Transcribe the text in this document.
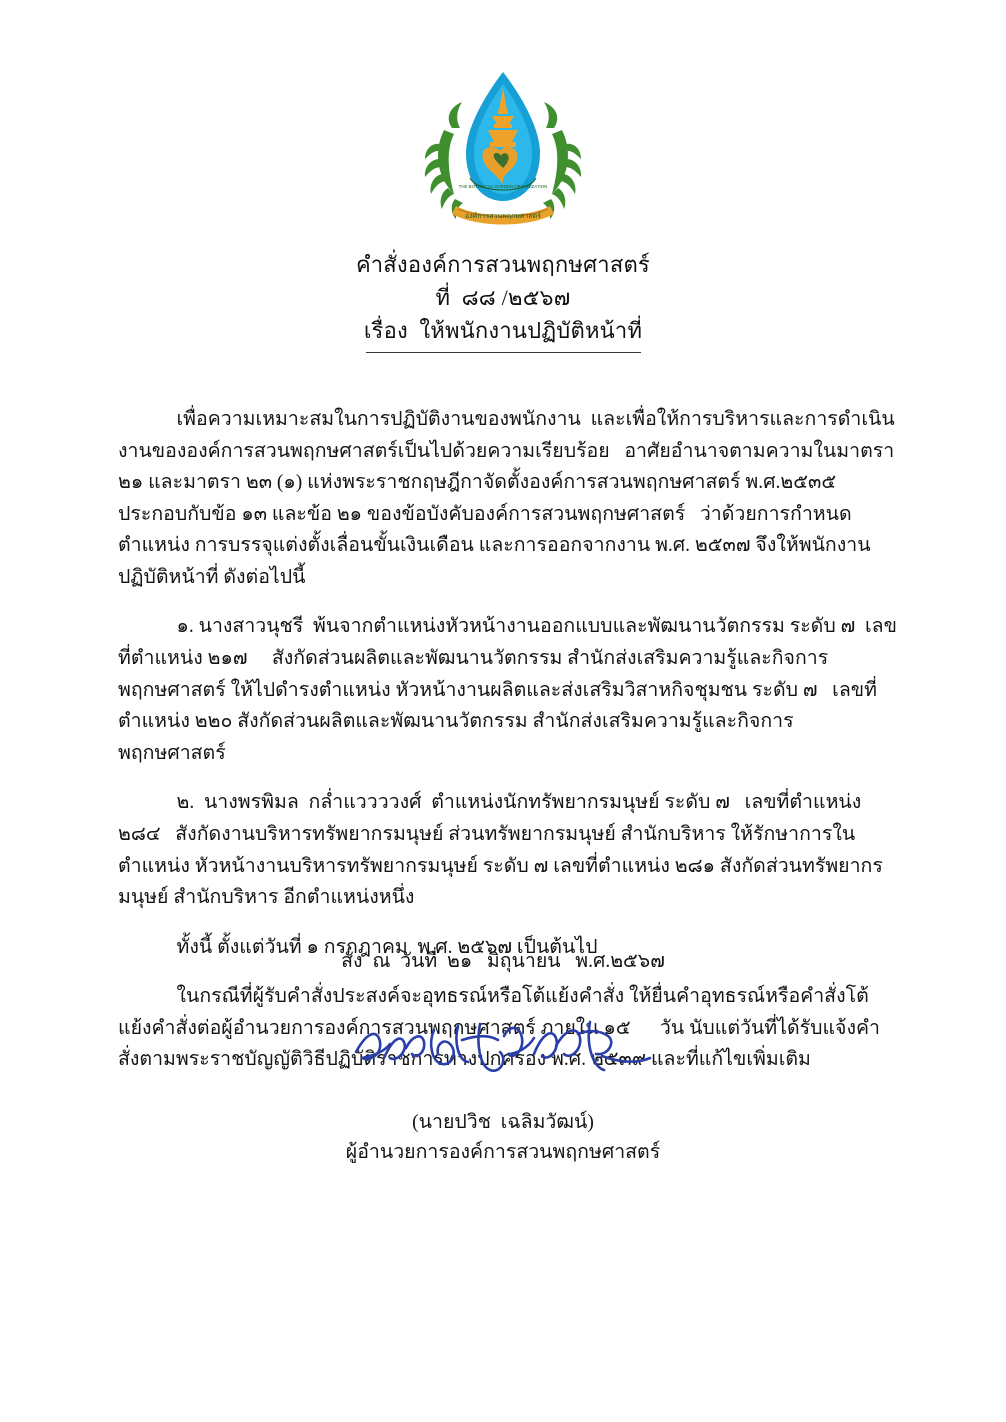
THE BOTANICAL GARDEN ORGANIZATION
องค์การสวนพฤกษศาสตร์
คำสั่งองค์การสวนพฤกษศาสตร์
ที่  ๘๘ /๒๕๖๗
เรื่อง  ให้พนักงานปฏิบัติหน้าที่

เพื่อความเหมาะสมในการปฏิบัติงานของพนักงาน  และเพื่อให้การบริหารและการดำเนินงานขององค์การสวนพฤกษศาสตร์เป็นไปด้วยความเรียบร้อย   อาศัยอำนาจตามความในมาตรา ๒๑ และมาตรา ๒๓ (๑) แห่งพระราชกฤษฎีกาจัดตั้งองค์การสวนพฤกษศาสตร์ พ.ศ.๒๕๓๕ ประกอบกับข้อ ๑๓ และข้อ ๒๑ ของข้อบังคับองค์การสวนพฤกษศาสตร์   ว่าด้วยการกำหนดตำแหน่ง การบรรจุแต่งตั้งเลื่อนขั้นเงินเดือน และการออกจากงาน พ.ศ. ๒๕๓๗ จึงให้พนักงานปฏิบัติหน้าที่ ดังต่อไปนี้

๑. นางสาวนุชรี  พ้นจากตำแหน่งหัวหน้างานออกแบบและพัฒนานวัตกรรม ระดับ ๗  เลขที่ตำแหน่ง ๒๑๗     สังกัดส่วนผลิตและพัฒนานวัตกรรม สำนักส่งเสริมความรู้และกิจการพฤกษศาสตร์ ให้ไปดำรงตำแหน่ง หัวหน้างานผลิตและส่งเสริมวิสาหกิจชุมชน ระดับ ๗   เลขที่ตำแหน่ง ๒๒๐ สังกัดส่วนผลิตและพัฒนานวัตกรรม สำนักส่งเสริมความรู้และกิจการพฤกษศาสตร์

๒.  นางพรพิมล  กล่ำแววววงศ์  ตำแหน่งนักทรัพยากรมนุษย์ ระดับ ๗   เลขที่ตำแหน่ง ๒๘๔   สังกัดงานบริหารทรัพยากรมนุษย์ ส่วนทรัพยากรมนุษย์ สำนักบริหาร ให้รักษาการในตำแหน่ง หัวหน้างานบริหารทรัพยากรมนุษย์ ระดับ ๗ เลขที่ตำแหน่ง ๒๘๑ สังกัดส่วนทรัพยากรมนุษย์ สำนักบริหาร อีกตำแหน่งหนึ่ง

ทั้งนี้ ตั้งแต่วันที่ ๑ กรกฎาคม  พ.ศ. ๒๕๖๗ เป็นต้นไป

ในกรณีที่ผู้รับคำสั่งประสงค์จะอุทธรณ์หรือโต้แย้งคำสั่ง ให้ยื่นคำอุทธรณ์หรือคำสั่งโต้แย้งคำสั่งต่อผู้อำนวยการองค์การสวนพฤกษศาสตร์ ภายใน ๑๕      วัน นับแต่วันที่ได้รับแจ้งคำสั่งตามพระราชบัญญัติวิธีปฏิบัติราชการทางปกครอง พ.ศ. ๒๕๓๙ และที่แก้ไขเพิ่มเติม

สั่ง  ณ  วันที่  ๒๑   มิถุนายน   พ.ศ.๒๕๖๗
(นายปวิช  เฉลิมวัฒน์)
ผู้อำนวยการองค์การสวนพฤกษศาสตร์
